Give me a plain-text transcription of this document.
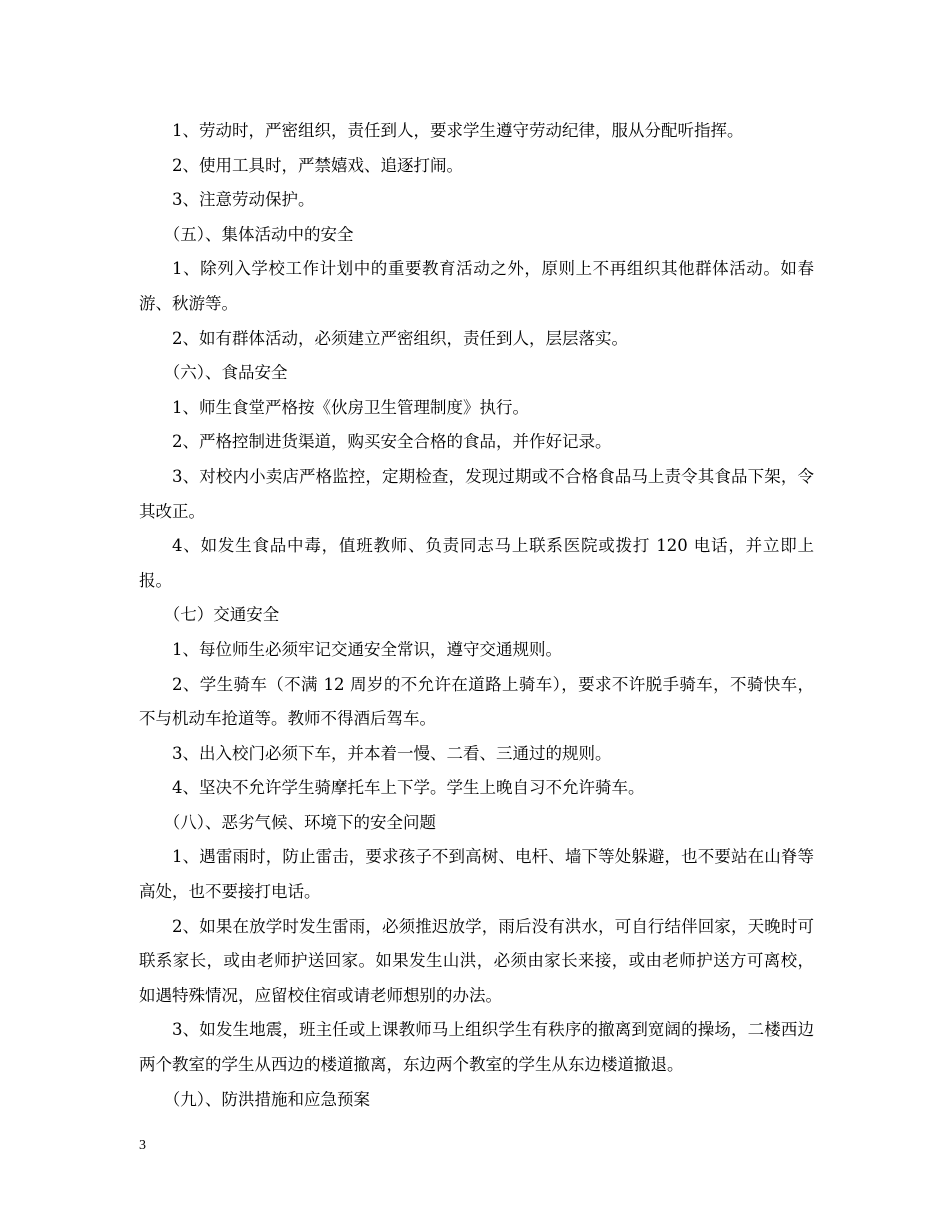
1、劳动时，严密组织，责任到人，要求学生遵守劳动纪律，服从分配听指挥。

2、使用工具时，严禁嬉戏、追逐打闹。

3、注意劳动保护。

（五）、集体活动中的安全

1、除列入学校工作计划中的重要教育活动之外，原则上不再组织其他群体活动。如春游、秋游等。

2、如有群体活动，必须建立严密组织，责任到人，层层落实。

（六）、食品安全

1、师生食堂严格按《伙房卫生管理制度》执行。

2、严格控制进货渠道，购买安全合格的食品，并作好记录。

3、对校内小卖店严格监控，定期检查，发现过期或不合格食品马上责令其食品下架，令其改正。

4、如发生食品中毒，值班教师、负责同志马上联系医院或拨打 120 电话，并立即上报。

（七）交通安全

1、每位师生必须牢记交通安全常识，遵守交通规则。

2、学生骑车（不满 12 周岁的不允许在道路上骑车），要求不许脱手骑车，不骑快车，不与机动车抢道等。教师不得酒后驾车。

3、出入校门必须下车，并本着一慢、二看、三通过的规则。

4、坚决不允许学生骑摩托车上下学。学生上晚自习不允许骑车。

（八）、恶劣气候、环境下的安全问题

1、遇雷雨时，防止雷击，要求孩子不到高树、电杆、墙下等处躲避，也不要站在山脊等高处，也不要接打电话。

2、如果在放学时发生雷雨，必须推迟放学，雨后没有洪水，可自行结伴回家，天晚时可联系家长，或由老师护送回家。如果发生山洪，必须由家长来接，或由老师护送方可离校，如遇特殊情况，应留校住宿或请老师想别的办法。

3、如发生地震，班主任或上课教师马上组织学生有秩序的撤离到宽阔的操场，二楼西边两个教室的学生从西边的楼道撤离，东边两个教室的学生从东边楼道撤退。

（九）、防洪措施和应急预案

3
